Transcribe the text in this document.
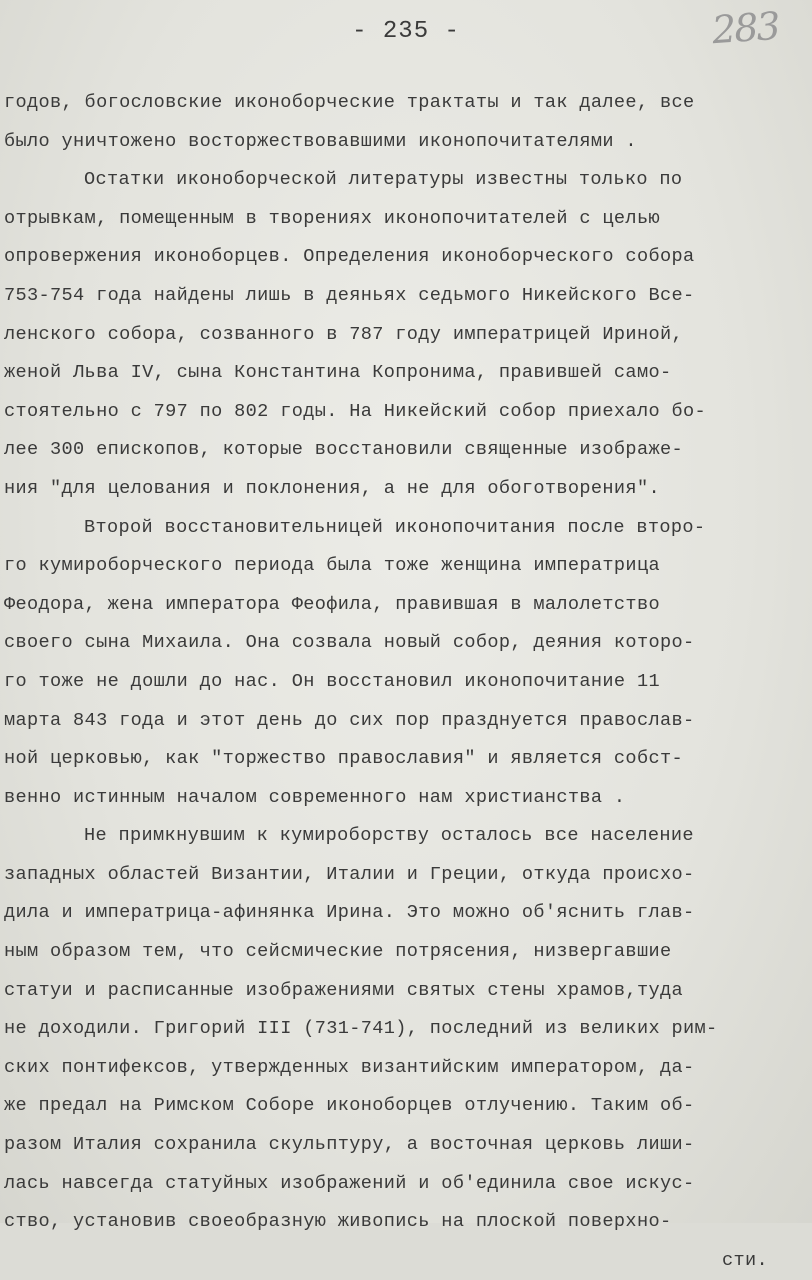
- 235 -	283
годов, богословские иконоборческие трактаты и так далее, все
было уничтожено восторжествовавшими иконопочитателями .
Остатки иконоборческой литературы известны только по
отрывкам, помещенным в творениях иконопочитателей с целью
опровержения иконоборцев. Определения иконоборческого собора
753-754 года найдены лишь в деяньях седьмого Никейского Все-
ленского собора, созванного в 787 году императрицей Ириной,
женой Льва IV, сына Константина Копронима, правившей само-
стоятельно с 797 по 802 годы. На Никейский собор приехало бо-
лее 300 епископов, которые восстановили священные изображе-
ния "для целования и поклонения, а не для обоготворения".
Второй восстановительницей иконопочитания после второ-
го кумироборческого периода была тоже женщина императрица
Феодора, жена императора Феофила, правившая в малолетство
своего сына Михаила. Она созвала новый собор, деяния которо-
го тоже не дошли до нас. Он восстановил иконопочитание 11
марта 843 года и этот день до сих пор празднуется православ-
ной церковью, как "торжество православия" и является собст-
венно истинным началом современного нам христианства .
Не примкнувшим к кумироборству осталось все население
западных областей Византии, Италии и Греции, откуда происхо-
дила и императрица-афинянка Ирина. Это можно об'яснить глав-
ным образом тем, что сейсмические потрясения, низвергавшие
статуи и расписанные изображениями святых стены храмов,туда
не доходили. Григорий III (731-741), последний из великих рим-
ских понтифексов, утвержденных византийским императором, да-
же предал на Римском Соборе иконоборцев отлучению. Таким об-
разом Италия сохранила скульптуру, а восточная церковь лиши-
лась навсегда статуйных изображений и об'единила свое искус-
ство, установив своеобразную живопись на плоской поверхно-
сти.
